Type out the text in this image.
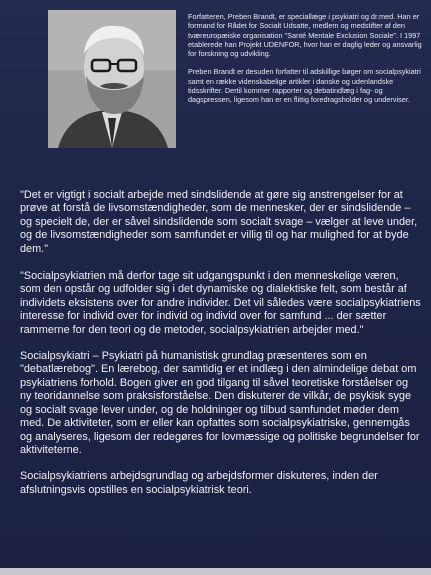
Forfatteren, Preben Brandt, er speciallæge i psykiatri og dr.med. Han er formand for Rådet for Socialt Udsatte, medlem og medstifter af den tværeuropæiske organisation "Santé Mentale Exclusion Sociale". I 1997 etablerede han Projekt UDENFOR, hvor han er daglig leder og ansvarlig for forskning og udvikling.

Preben Brandt er desuden forfatter til adskillige bøger om socialpsykiatri samt en række videnskabelige artikler i danske og udenlandske tidsskrifter. Dertil kommer rapporter og debatindlæg i fag- og dagspressen, ligesom han er en flittig foredragsholder og underviser.

"Det er vigtigt i socialt arbejde med sindslidende at gøre sig anstrengelser for at prøve at forstå de livsomstændigheder, som de mennesker, der er sindslidende – og specielt de, der er såvel sindslidende som socialt svage – vælger at leve under, og de livsomstændigheder som samfundet er villig til og har mulighed for at byde dem."

"Socialpsykiatrien må derfor tage sit udgangspunkt i den menneskelige væren, som den opstår og udfolder sig i det dynamiske og dialektiske felt, som består af individets eksistens over for andre individer. Det vil således være socialpsykiatriens interesse for individ over for individ og individ over for samfund ... der sætter rammerne for den teori og de metoder, socialpsykiatrien arbejder med."

Socialpsykiatri – Psykiatri på humanistisk grundlag præsenteres som en "debatlærebog". En lærebog, der samtidig er et indlæg i den almindelige debat om psykiatriens forhold. Bogen giver en god tilgang til såvel teoretiske forståelser og ny teoridannelse som praksisforståelse. Den diskuterer de vilkår, de psykisk syge og socialt svage lever under, og de holdninger og tilbud samfundet møder dem med. De aktiviteter, som er eller kan opfattes som socialpsykiatriske, gennemgås og analyseres, ligesom der redegøres for lovmæssige og politiske begrundelser for aktiviteterne.

Socialpsykiatriens arbejdsgrundlag og arbejdsformer diskuteres, inden der afslutningsvis opstilles en socialpsykiatrisk teori.
